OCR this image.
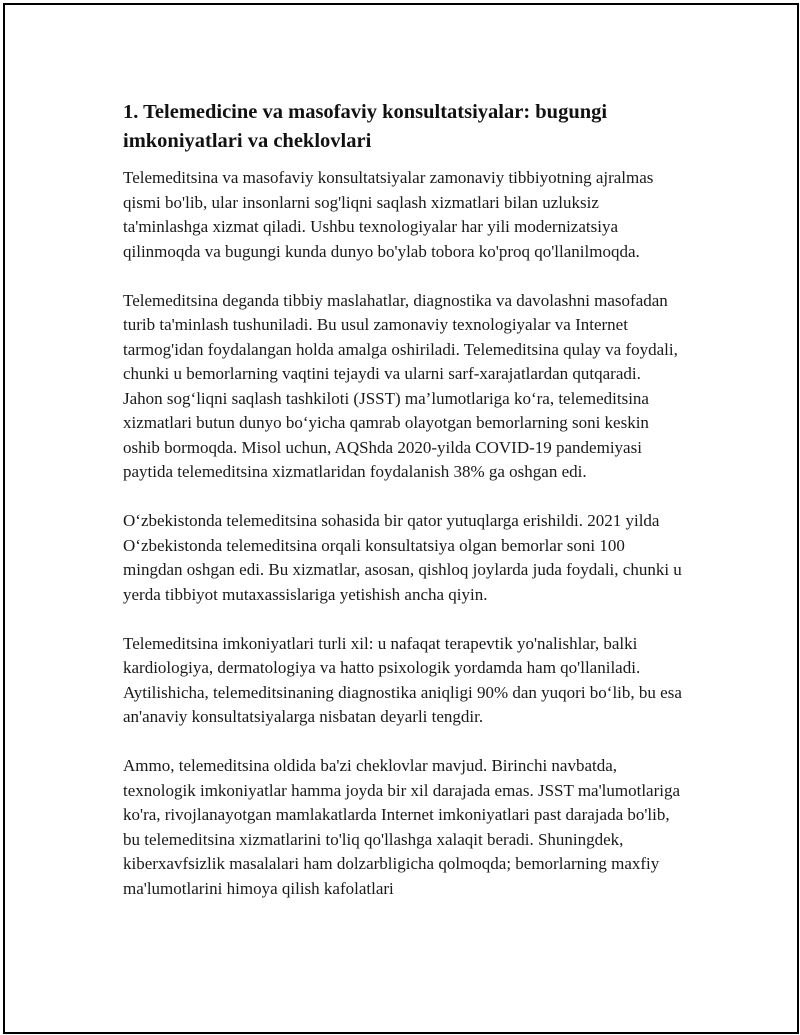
1. Telemedicine va masofaviy konsultatsiyalar: bugungi imkoniyatlari va cheklovlari

Telemeditsina va masofaviy konsultatsiyalar zamonaviy tibbiyotning ajralmas qismi bo'lib, ular insonlarni sog'liqni saqlash xizmatlari bilan uzluksiz ta'minlashga xizmat qiladi. Ushbu texnologiyalar har yili modernizatsiya qilinmoqda va bugungi kunda dunyo bo'ylab tobora ko'proq qo'llanilmoqda.

Telemeditsina deganda tibbiy maslahatlar, diagnostika va davolashni masofadan turib ta'minlash tushuniladi. Bu usul zamonaviy texnologiyalar va Internet tarmog'idan foydalangan holda amalga oshiriladi. Telemeditsina qulay va foydali, chunki u bemorlarning vaqtini tejaydi va ularni sarf-xarajatlardan qutqaradi. Jahon sog‘liqni saqlash tashkiloti (JSST) ma’lumotlariga ko‘ra, telemeditsina xizmatlari butun dunyo bo‘yicha qamrab olayotgan bemorlarning soni keskin oshib bormoqda. Misol uchun, AQShda 2020-yilda COVID-19 pandemiyasi paytida telemeditsina xizmatlaridan foydalanish 38% ga oshgan edi.

O‘zbekistonda telemeditsina sohasida bir qator yutuqlarga erishildi. 2021 yilda O‘zbekistonda telemeditsina orqali konsultatsiya olgan bemorlar soni 100 mingdan oshgan edi. Bu xizmatlar, asosan, qishloq joylarda juda foydali, chunki u yerda tibbiyot mutaxassislariga yetishish ancha qiyin.

Telemeditsina imkoniyatlari turli xil: u nafaqat terapevtik yo'nalishlar, balki kardiologiya, dermatologiya va hatto psixologik yordamda ham qo'llaniladi. Aytilishicha, telemeditsinaning diagnostika aniqligi 90% dan yuqori bo‘lib, bu esa an'anaviy konsultatsiyalarga nisbatan deyarli tengdir.

Ammo, telemeditsina oldida ba'zi cheklovlar mavjud. Birinchi navbatda, texnologik imkoniyatlar hamma joyda bir xil darajada emas. JSST ma'lumotlariga ko'ra, rivojlanayotgan mamlakatlarda Internet imkoniyatlari past darajada bo'lib, bu telemeditsina xizmatlarini to'liq qo'llashga xalaqit beradi. Shuningdek, kiberxavfsizlik masalalari ham dolzarbligicha qolmoqda; bemorlarning maxfiy ma'lumotlarini himoya qilish kafolatlari
